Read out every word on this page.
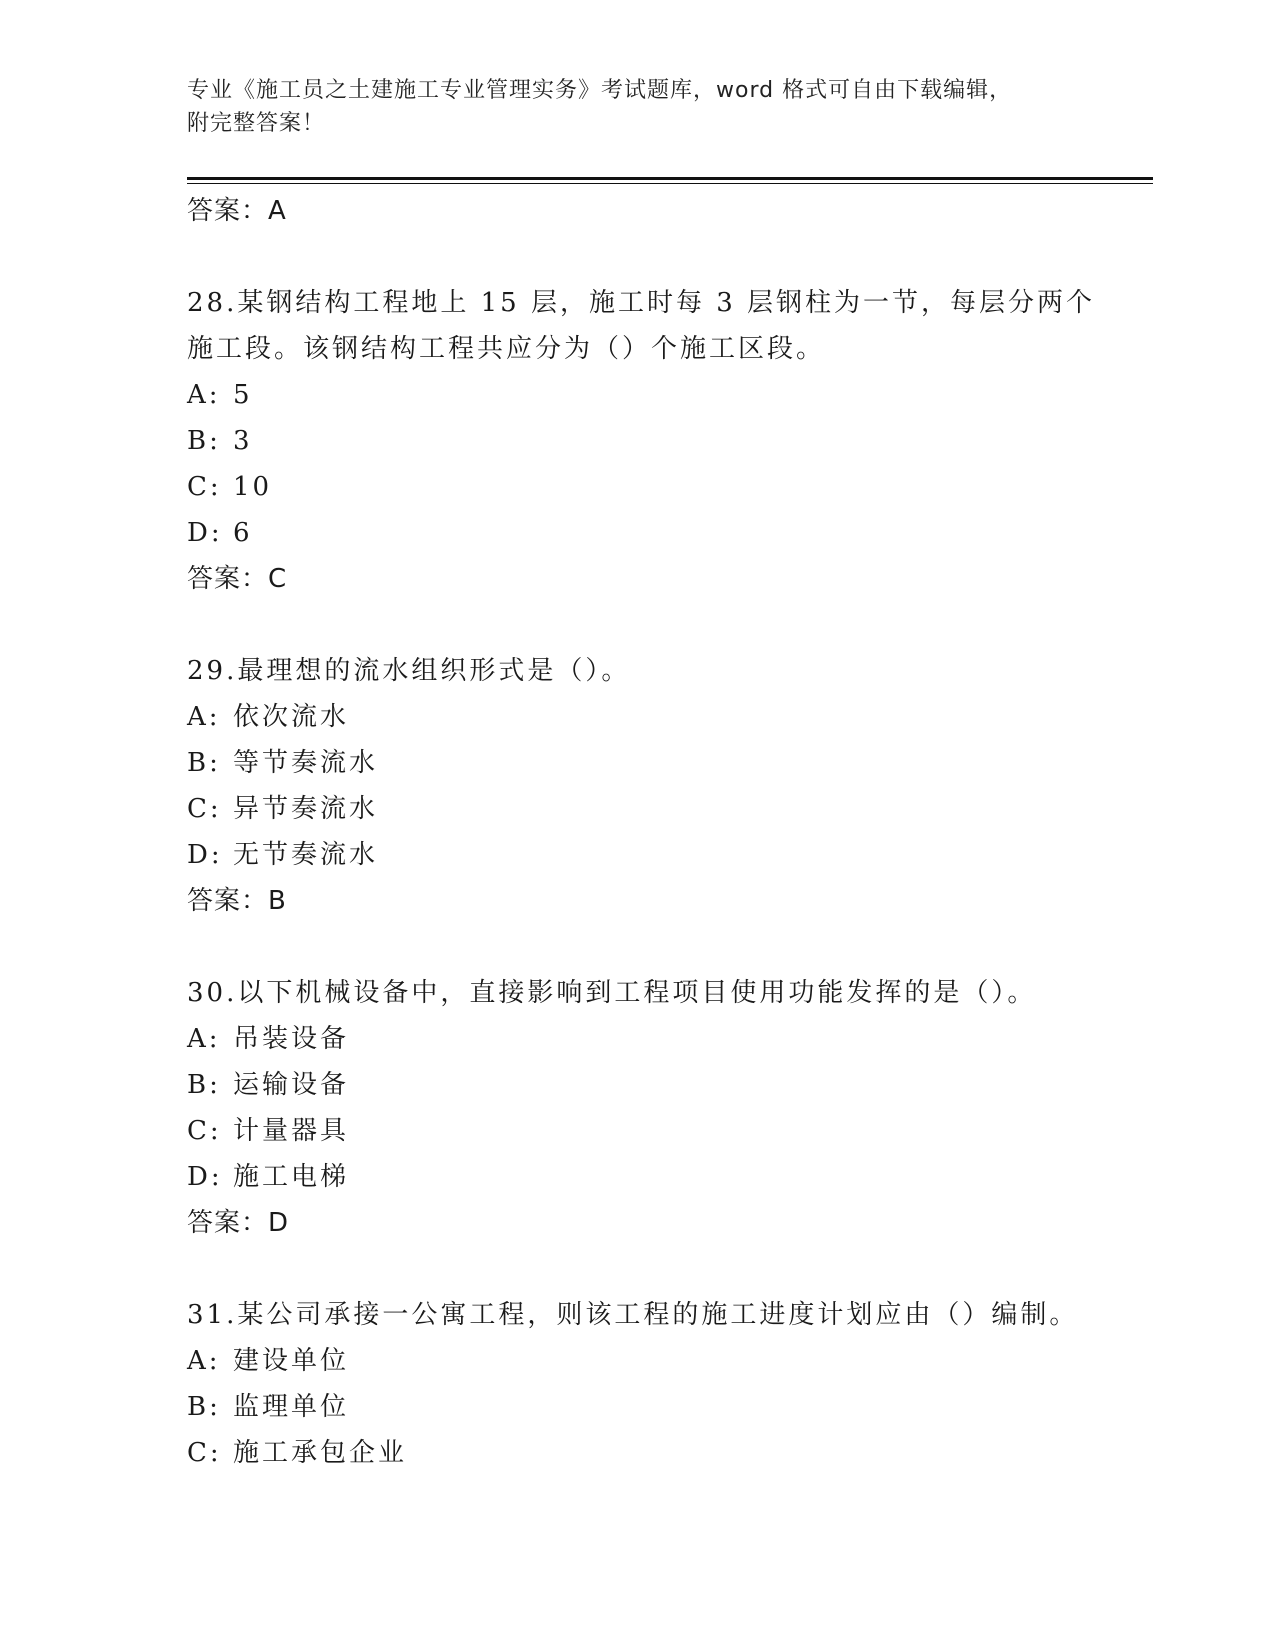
专业《施工员之土建施工专业管理实务》考试题库，word 格式可自由下载编辑，
附完整答案！
答案：A
28.某钢结构工程地上 15 层，施工时每 3 层钢柱为一节，每层分两个
施工段。该钢结构工程共应分为（）个施工区段。
A: 5
B: 3
C: 10
D: 6
答案：C
29.最理想的流水组织形式是（）。
A: 依次流水
B: 等节奏流水
C: 异节奏流水
D: 无节奏流水
答案：B
30.以下机械设备中，直接影响到工程项目使用功能发挥的是（）。
A: 吊装设备
B: 运输设备
C: 计量器具
D: 施工电梯
答案：D
31.某公司承接一公寓工程，则该工程的施工进度计划应由（）编制。
A: 建设单位
B: 监理单位
C: 施工承包企业
